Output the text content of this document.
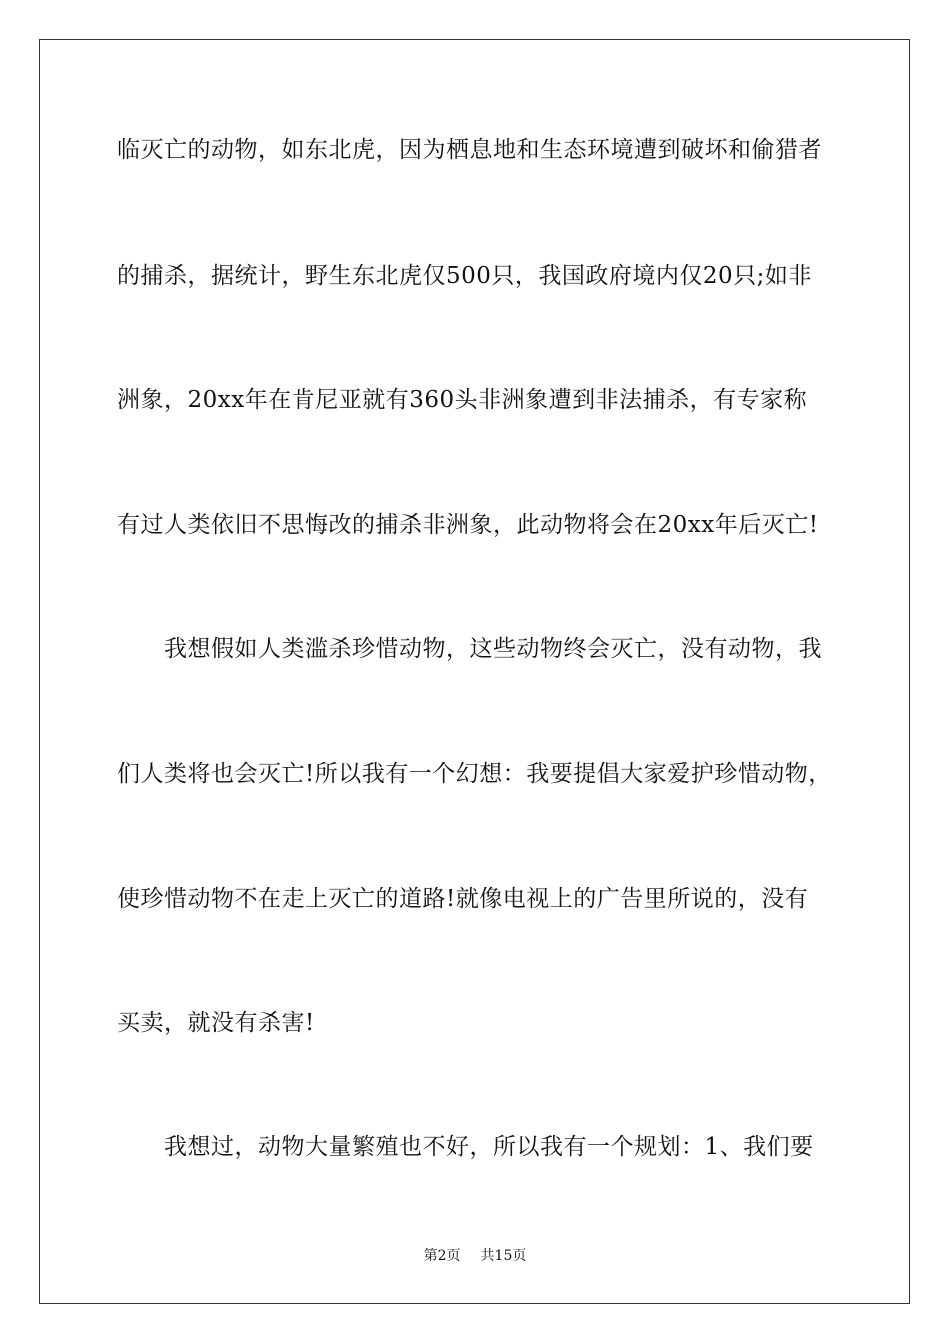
临灭亡的动物，如东北虎，因为栖息地和生态环境遭到破坏和偷猎者
的捕杀，据统计，野生东北虎仅500只，我国政府境内仅20只;如非
洲象，20xx年在肯尼亚就有360头非洲象遭到非法捕杀，有专家称
有过人类依旧不思悔改的捕杀非洲象，此动物将会在20xx年后灭亡!
我想假如人类滥杀珍惜动物，这些动物终会灭亡，没有动物，我
们人类将也会灭亡!所以我有一个幻想：我要提倡大家爱护珍惜动物，
使珍惜动物不在走上灭亡的道路!就像电视上的广告里所说的，没有
买卖，就没有杀害!
我想过，动物大量繁殖也不好，所以我有一个规划：1、我们要
第2页 共15页
